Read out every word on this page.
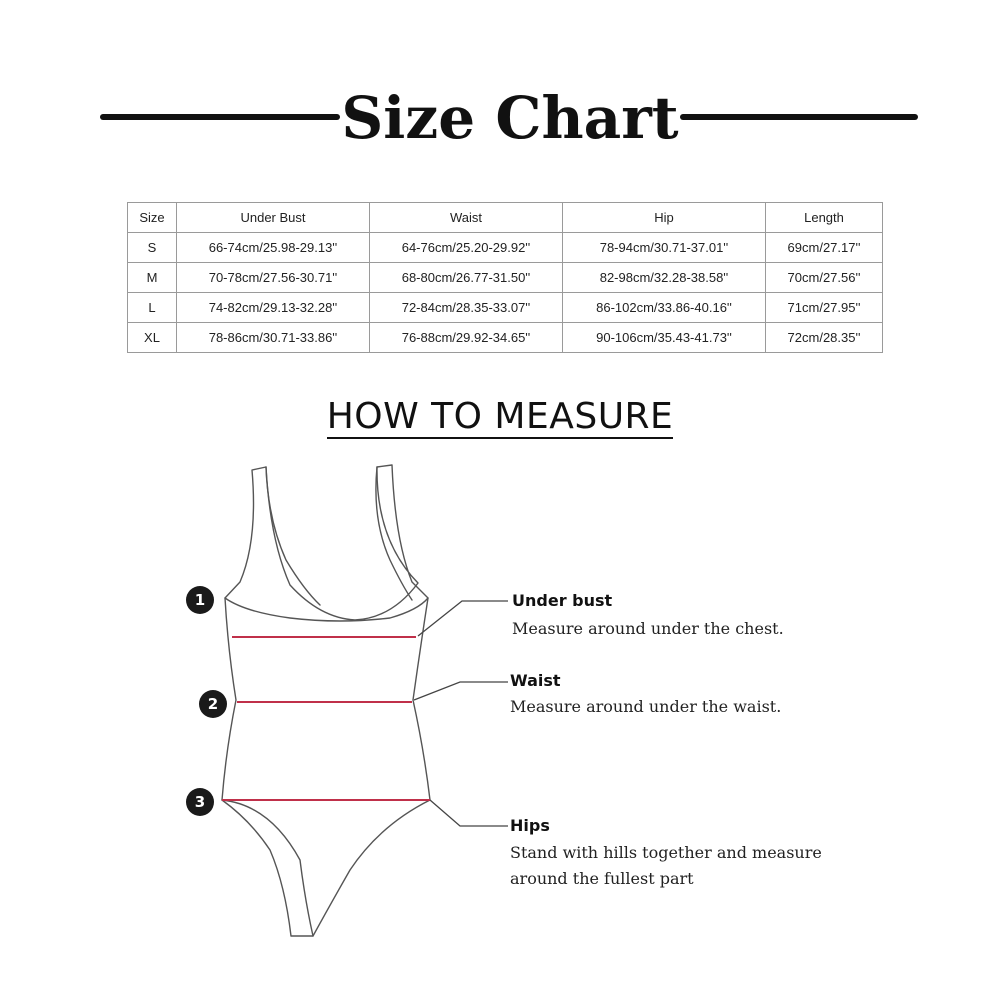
Size Chart
Size	Under Bust	Waist	Hip	Length
S	66-74cm/25.98-29.13''	64-76cm/25.20-29.92''	78-94cm/30.71-37.01''	69cm/27.17''
M	70-78cm/27.56-30.71''	68-80cm/26.77-31.50''	82-98cm/32.28-38.58''	70cm/27.56''
L	74-82cm/29.13-32.28''	72-84cm/28.35-33.07''	86-102cm/33.86-40.16''	71cm/27.95''
XL	78-86cm/30.71-33.86''	76-88cm/29.92-34.65''	90-106cm/35.43-41.73''	72cm/28.35''
HOW TO MEASURE
1
2
3
Under bust
Measure around under the chest.
Waist
Measure around under the waist.
Hips
Stand with hills together and measure
around the fullest part
